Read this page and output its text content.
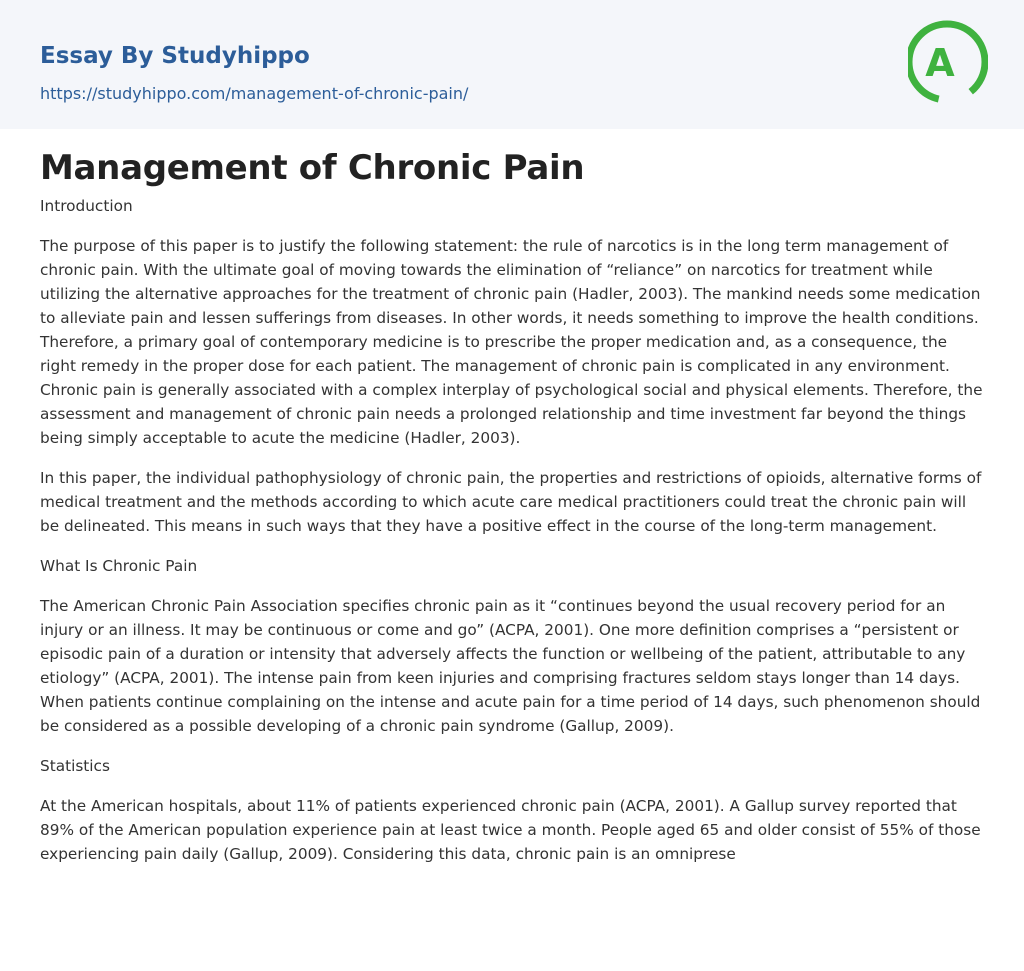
Essay By Studyhippo
https://studyhippo.com/management-of-chronic-pain/
A
Management of Chronic Pain

Introduction

The purpose of this paper is to justify the following statement: the rule of narcotics is in the long term management of chronic pain. With the ultimate goal of moving towards the elimination of “reliance” on narcotics for treatment while utilizing the alternative approaches for the treatment of chronic pain (Hadler, 2003). The mankind needs some medication to alleviate pain and lessen sufferings from diseases. In other words, it needs something to improve the health conditions. Therefore, a primary goal of contemporary medicine is to prescribe the proper medication and, as a consequence, the right remedy in the proper dose for each patient. The management of chronic pain is complicated in any environment. Chronic pain is generally associated with a complex interplay of psychological social and physical elements. Therefore, the assessment and management of chronic pain needs a prolonged relationship and time investment far beyond the things being simply acceptable to acute the medicine (Hadler, 2003).

In this paper, the individual pathophysiology of chronic pain, the properties and restrictions of opioids, alternative forms of medical treatment and the methods according to which acute care medical practitioners could treat the chronic pain will be delineated. This means in such ways that they have a positive effect in the course of the long-term management.

What Is Chronic Pain

The American Chronic Pain Association specifies chronic pain as it “continues beyond the usual recovery period for an injury or an illness. It may be continuous or come and go” (ACPA, 2001). One more definition comprises a “persistent or episodic pain of a duration or intensity that adversely affects the function or wellbeing of the patient, attributable to any etiology” (ACPA, 2001). The intense pain from keen injuries and comprising fractures seldom stays longer than 14 days. When patients continue complaining on the intense and acute pain for a time period of 14 days, such phenomenon should be considered as a possible developing of a chronic pain syndrome (Gallup, 2009).

Statistics

At the American hospitals, about 11% of patients experienced chronic pain (ACPA, 2001). A Gallup survey reported that 89% of the American population experience pain at least twice a month. People aged 65 and older consist of 55% of those experiencing pain daily (Gallup, 2009). Considering this data, chronic pain is an omniprese
